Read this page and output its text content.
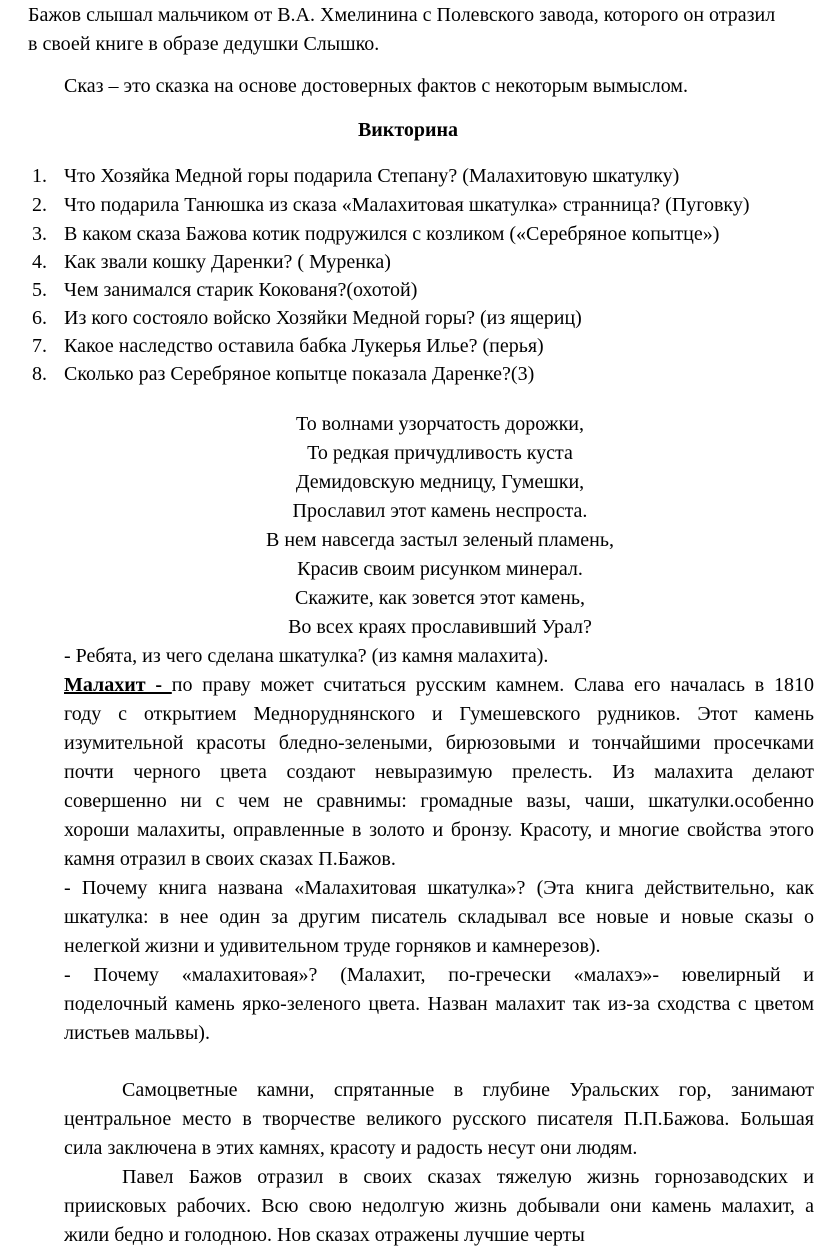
Бажов слышал мальчиком от В.А. Хмелинина с Полевского завода, которого он отразил
в своей книге в образе дедушки Слышко.
Сказ – это сказка на основе достоверных фактов с некоторым вымыслом.
Викторина
1. Что Хозяйка Медной горы подарила Степану? (Малахитовую шкатулку)
2. Что подарила Танюшка из сказа «Малахитовая шкатулка» странница? (Пуговку)
3. В каком сказа Бажова котик подружился с козликом («Серебряное копытце»)
4. Как звали кошку Даренки? ( Муренка)
5. Чем занимался старик Кокованя?(охотой)
6. Из кого состояло войско Хозяйки Медной горы? (из ящериц)
7. Какое наследство оставила бабка Лукерья Илье? (перья)
8. Сколько раз Серебряное копытце показала Даренке?(3)
То волнами узорчатость дорожки,
То редкая причудливость куста
Демидовскую медницу, Гумешки,
Прославил этот камень неспроста.
В нем навсегда застыл зеленый пламень,
Красив своим рисунком минерал.
Скажите, как зовется этот камень,
Во всех краях прославивший Урал?
- Ребята, из чего сделана шкатулка? (из камня малахита).
Малахит - по праву может считаться русским камнем. Слава его началась в 1810
году с открытием Медноруднянского и Гумешевского рудников. Этот камень
изумительной красоты бледно-зелеными, бирюзовыми и тончайшими просечками
почти черного цвета создают невыразимую прелесть. Из малахита делают
совершенно ни с чем не сравнимы: громадные вазы, чаши, шкатулки.особенно
хороши малахиты, оправленные в золото и бронзу. Красоту, и многие свойства этого
камня отразил в своих сказах П.Бажов.
- Почему книга названа «Малахитовая шкатулка»? (Эта книга действительно, как
шкатулка: в нее один за другим писатель складывал все новые и новые сказы о
нелегкой жизни и удивительном труде горняков и камнерезов).
- Почему «малахитовая»? (Малахит, по-гречески «малахэ»- ювелирный и
поделочный камень ярко-зеленого цвета. Назван малахит так из-за сходства с цветом
листьев мальвы).
Самоцветные камни, спрятанные в глубине Уральских гор, занимают
центральное место в творчестве великого русского писателя П.П.Бажова. Большая
сила заключена в этих камнях, красоту и радость несут они людям.
Павел Бажов отразил в своих сказах тяжелую жизнь горнозаводских и
приисковых рабочих. Всю свою недолгую жизнь добывали они камень малахит, а
жили бедно и голодною. Нов сказах отражены лучшие черты
